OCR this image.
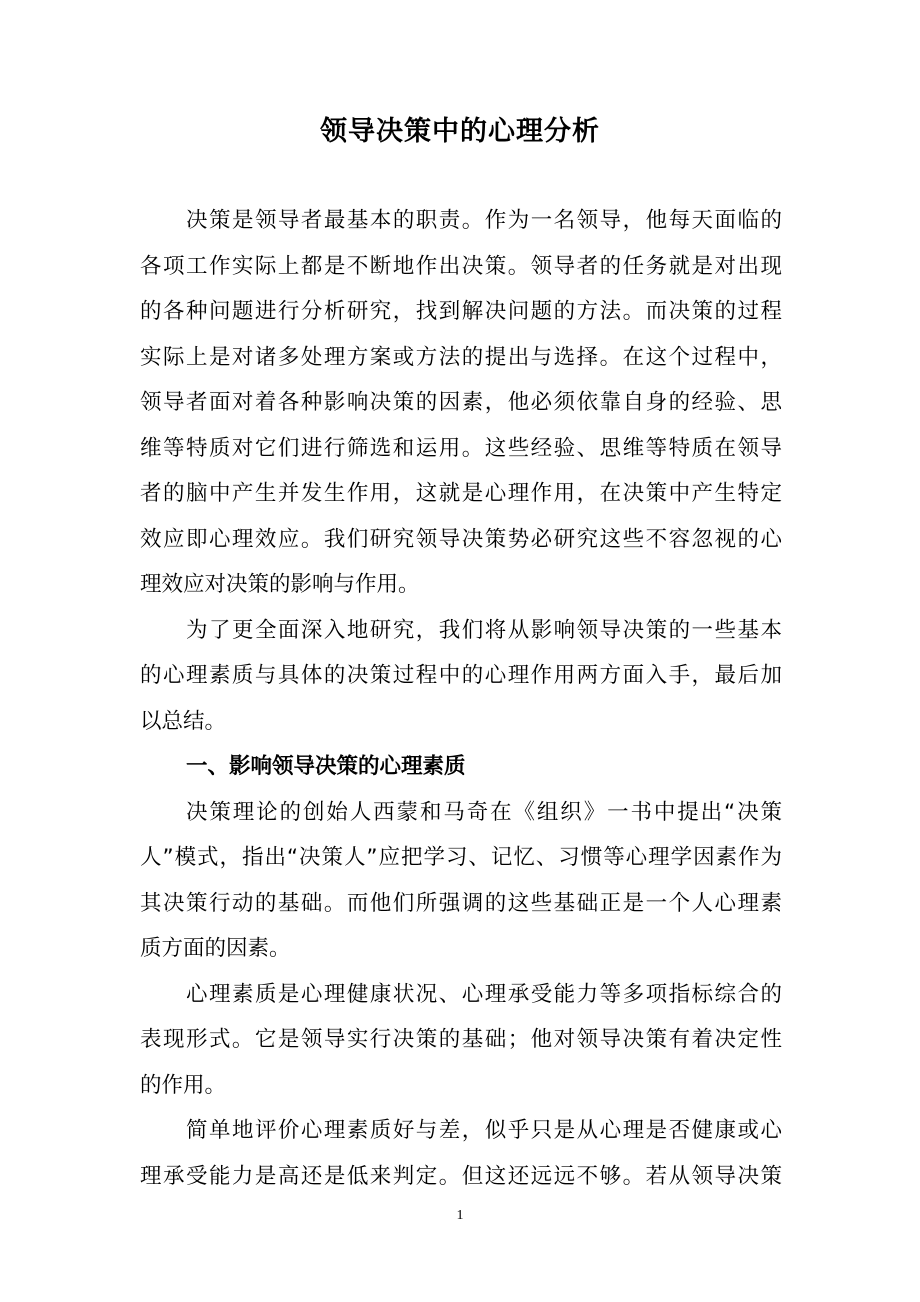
领导决策中的心理分析
决策是领导者最基本的职责。作为一名领导，他每天面临的
各项工作实际上都是不断地作出决策。领导者的任务就是对出现
的各种问题进行分析研究，找到解决问题的方法。而决策的过程
实际上是对诸多处理方案或方法的提出与选择。在这个过程中，
领导者面对着各种影响决策的因素，他必须依靠自身的经验、思
维等特质对它们进行筛选和运用。这些经验、思维等特质在领导
者的脑中产生并发生作用，这就是心理作用，在决策中产生特定
效应即心理效应。我们研究领导决策势必研究这些不容忽视的心
理效应对决策的影响与作用。
为了更全面深入地研究，我们将从影响领导决策的一些基本
的心理素质与具体的决策过程中的心理作用两方面入手，最后加
以总结。
一、影响领导决策的心理素质
决策理论的创始人西蒙和马奇在《组织》一书中提出“决策
人”模式，指出“决策人”应把学习、记忆、习惯等心理学因素作为
其决策行动的基础。而他们所强调的这些基础正是一个人心理素
质方面的因素。
心理素质是心理健康状况、心理承受能力等多项指标综合的
表现形式。它是领导实行决策的基础；他对领导决策有着决定性
的作用。
简单地评价心理素质好与差，似乎只是从心理是否健康或心
理承受能力是高还是低来判定。但这还远远不够。若从领导决策
1
